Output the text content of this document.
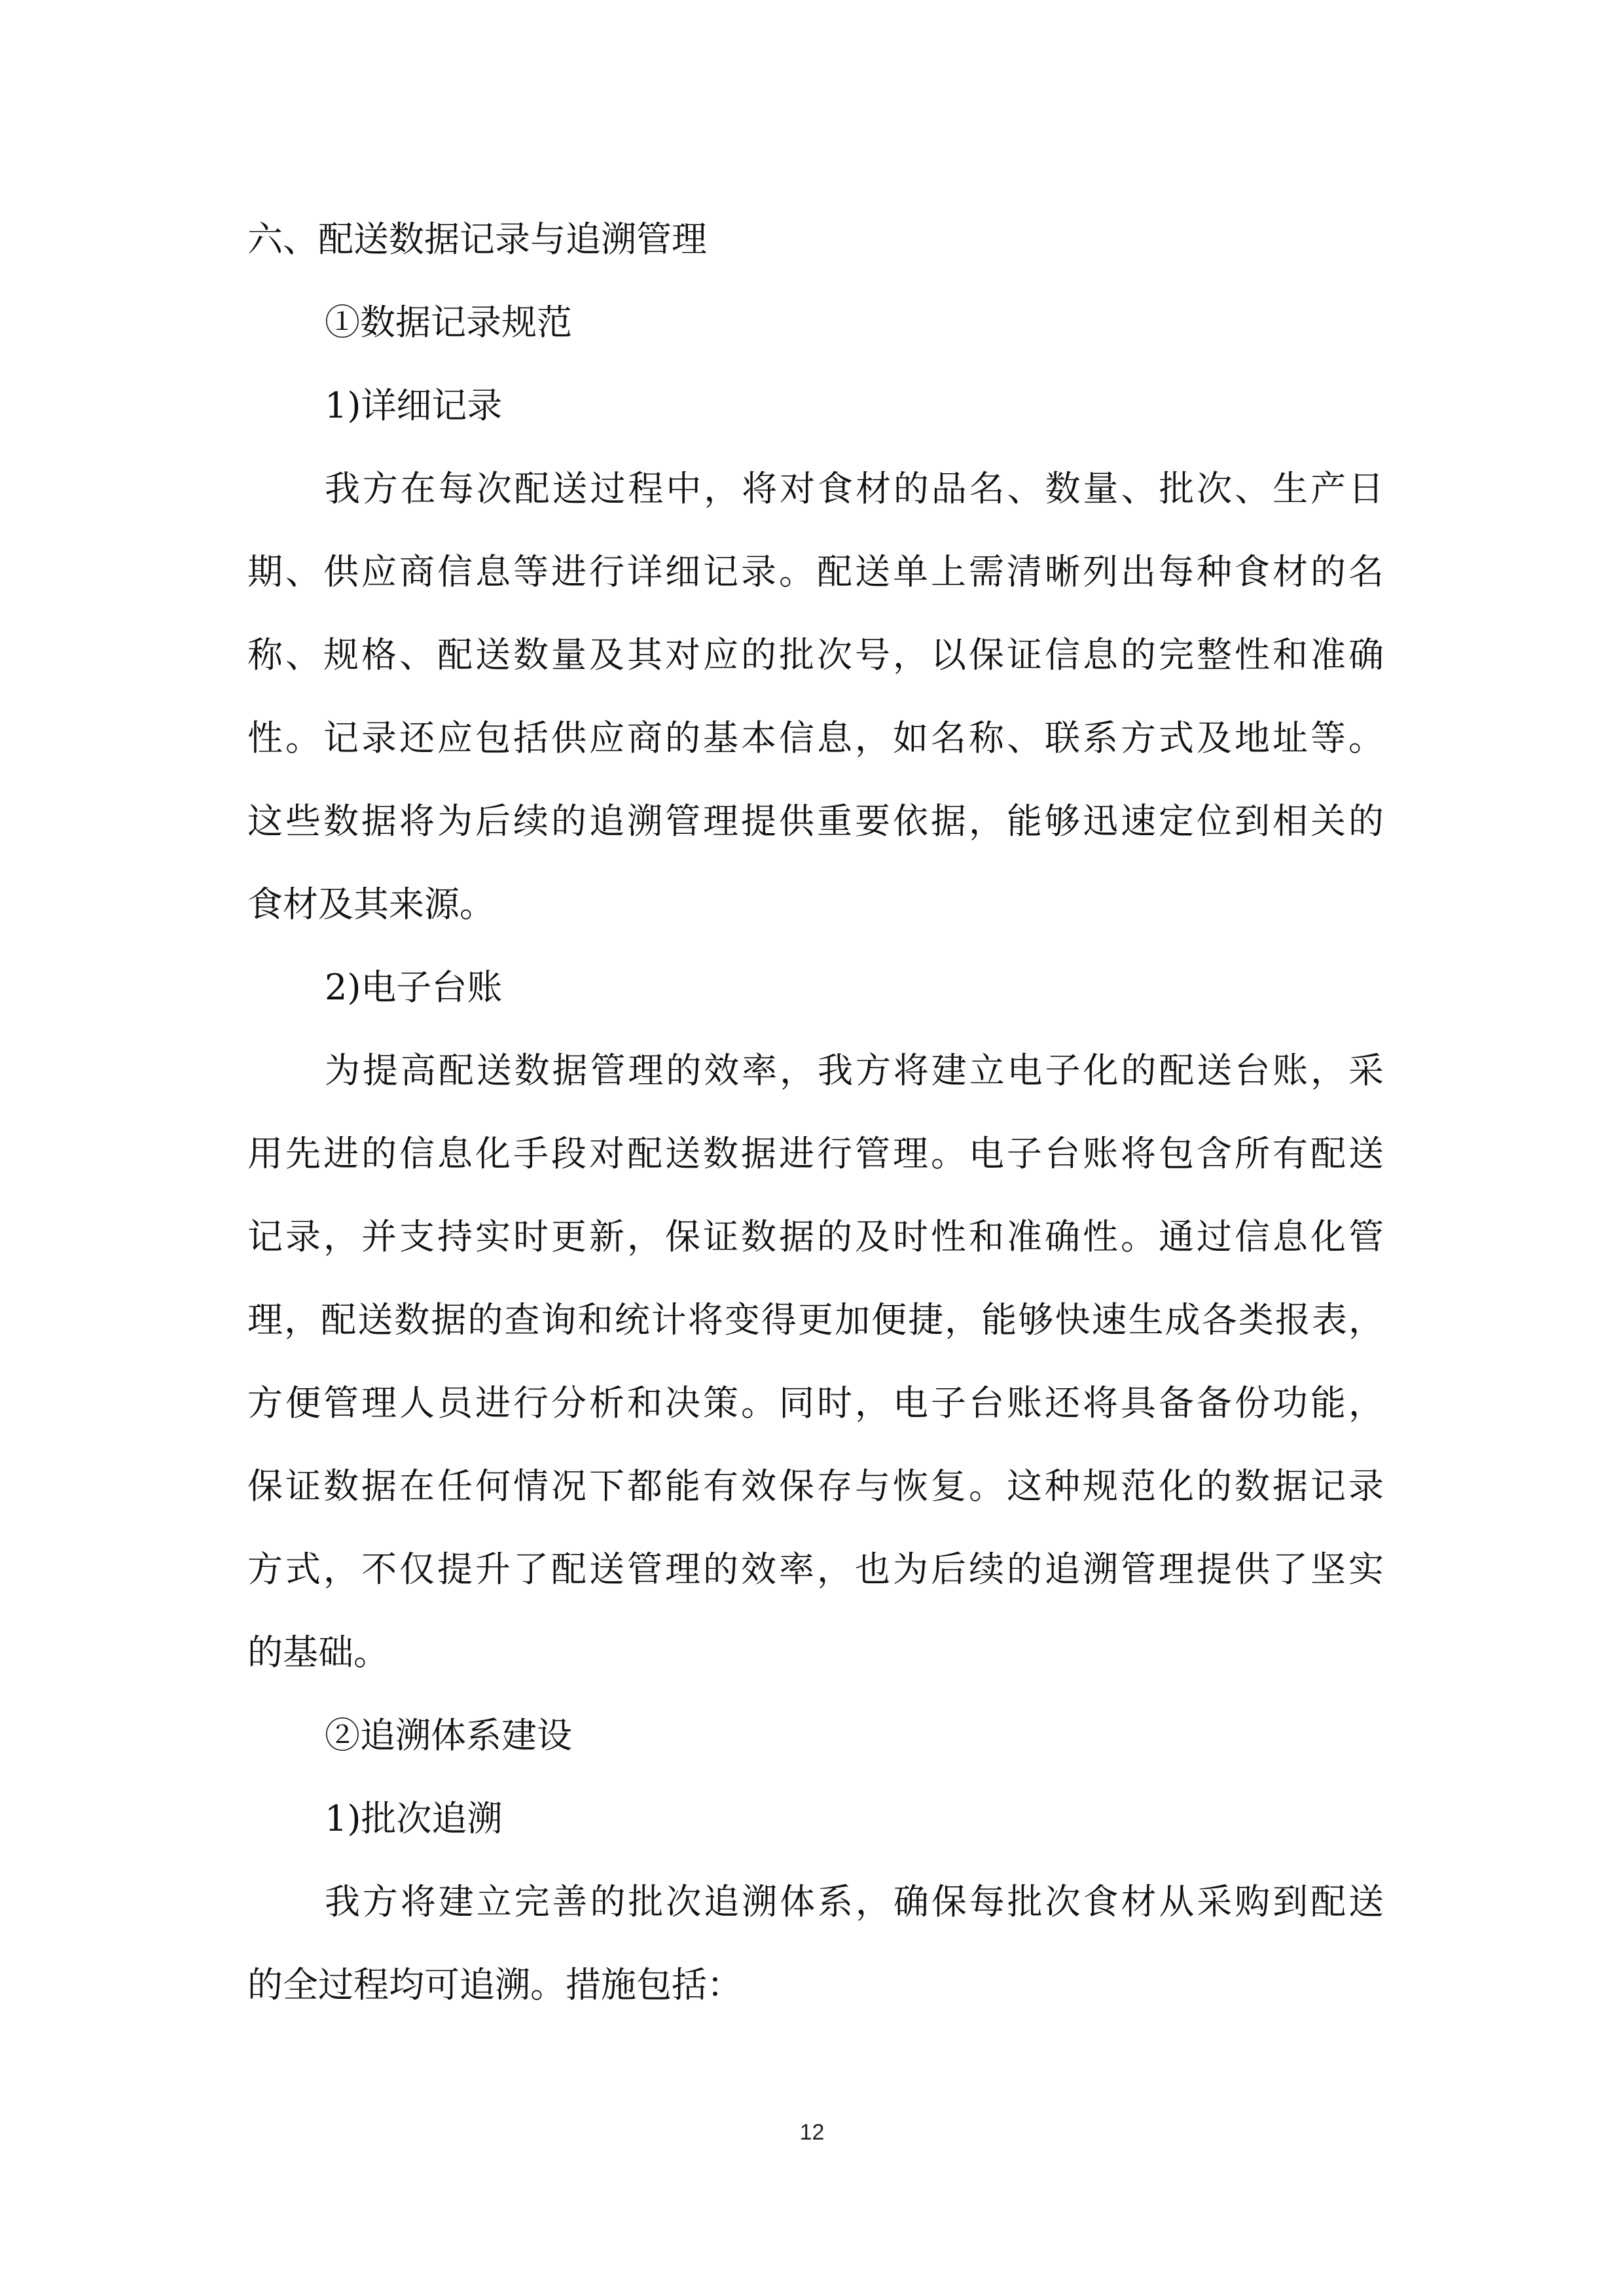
六、配送数据记录与追溯管理
①数据记录规范
1)详细记录
我方在每次配送过程中，将对食材的品名、数量、批次、生产日
期、供应商信息等进行详细记录。配送单上需清晰列出每种食材的名
称、规格、配送数量及其对应的批次号，以保证信息的完整性和准确
性。记录还应包括供应商的基本信息，如名称、联系方式及地址等。
这些数据将为后续的追溯管理提供重要依据，能够迅速定位到相关的
食材及其来源。
2)电子台账
为提高配送数据管理的效率，我方将建立电子化的配送台账，采
用先进的信息化手段对配送数据进行管理。电子台账将包含所有配送
记录，并支持实时更新，保证数据的及时性和准确性。通过信息化管
理，配送数据的查询和统计将变得更加便捷，能够快速生成各类报表，
方便管理人员进行分析和决策。同时，电子台账还将具备备份功能，
保证数据在任何情况下都能有效保存与恢复。这种规范化的数据记录
方式，不仅提升了配送管理的效率，也为后续的追溯管理提供了坚实
的基础。
②追溯体系建设
1)批次追溯
我方将建立完善的批次追溯体系，确保每批次食材从采购到配送
的全过程均可追溯。措施包括：
12
